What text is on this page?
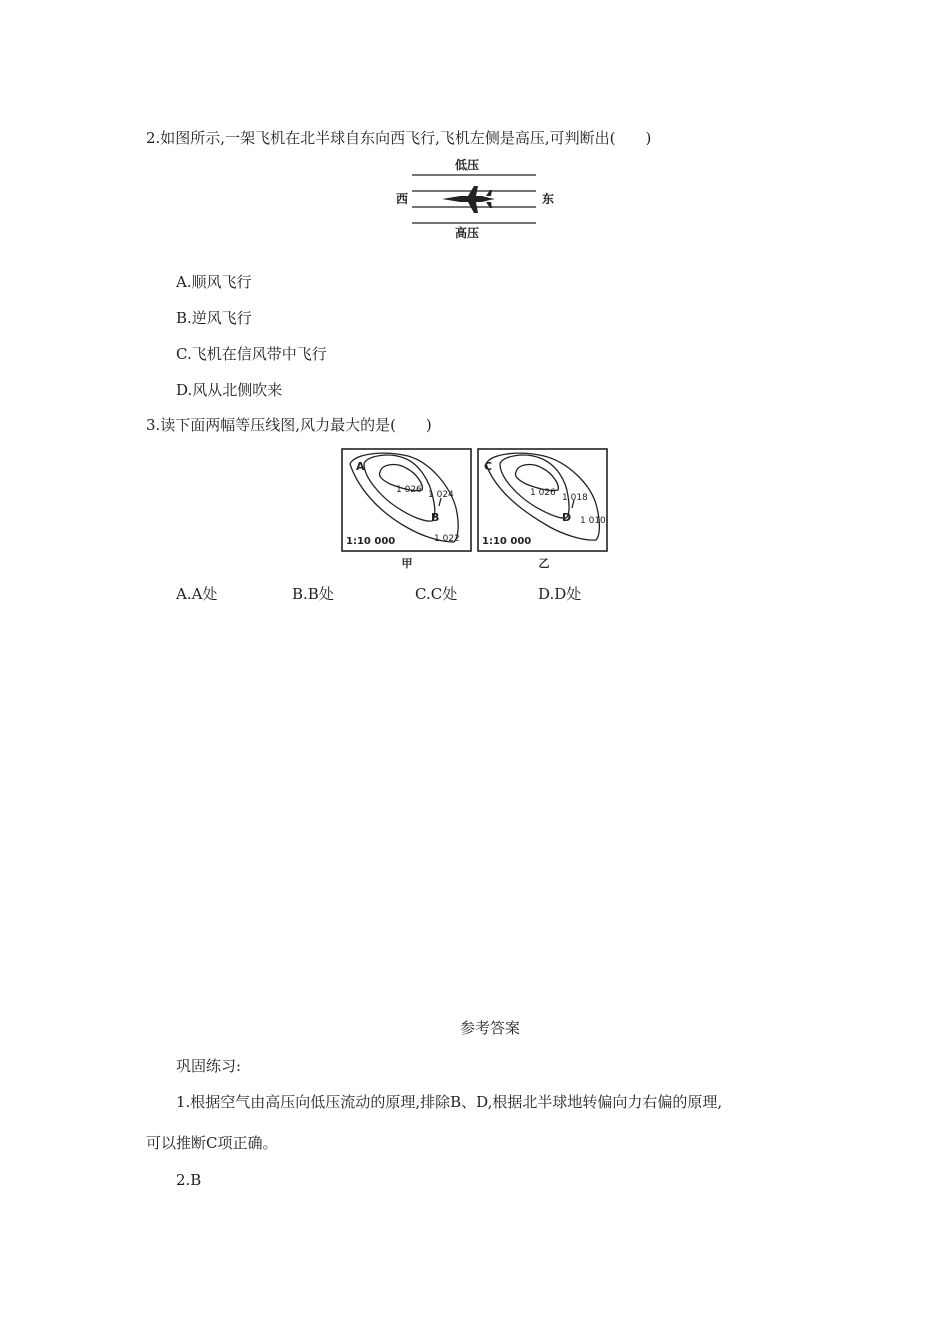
2.如图所示,一架飞机在北半球自东向西飞行,飞机左侧是高压,可判断出(　　)
低压
西	东
高压
A.顺风飞行
B.逆风飞行
C.飞机在信风带中飞行
D.风从北侧吹来
3.读下面两幅等压线图,风力最大的是(　　)
A
1 026 1 024
B
1 022
1:10 000
甲
C
1 026 1 018
D 1 010
1:10 000
乙
A.A处	B.B处	C.C处	D.D处
参考答案
巩固练习:
1.根据空气由高压向低压流动的原理,排除B、D,根据北半球地转偏向力右偏的原理,
可以推断C项正确。
2.B
